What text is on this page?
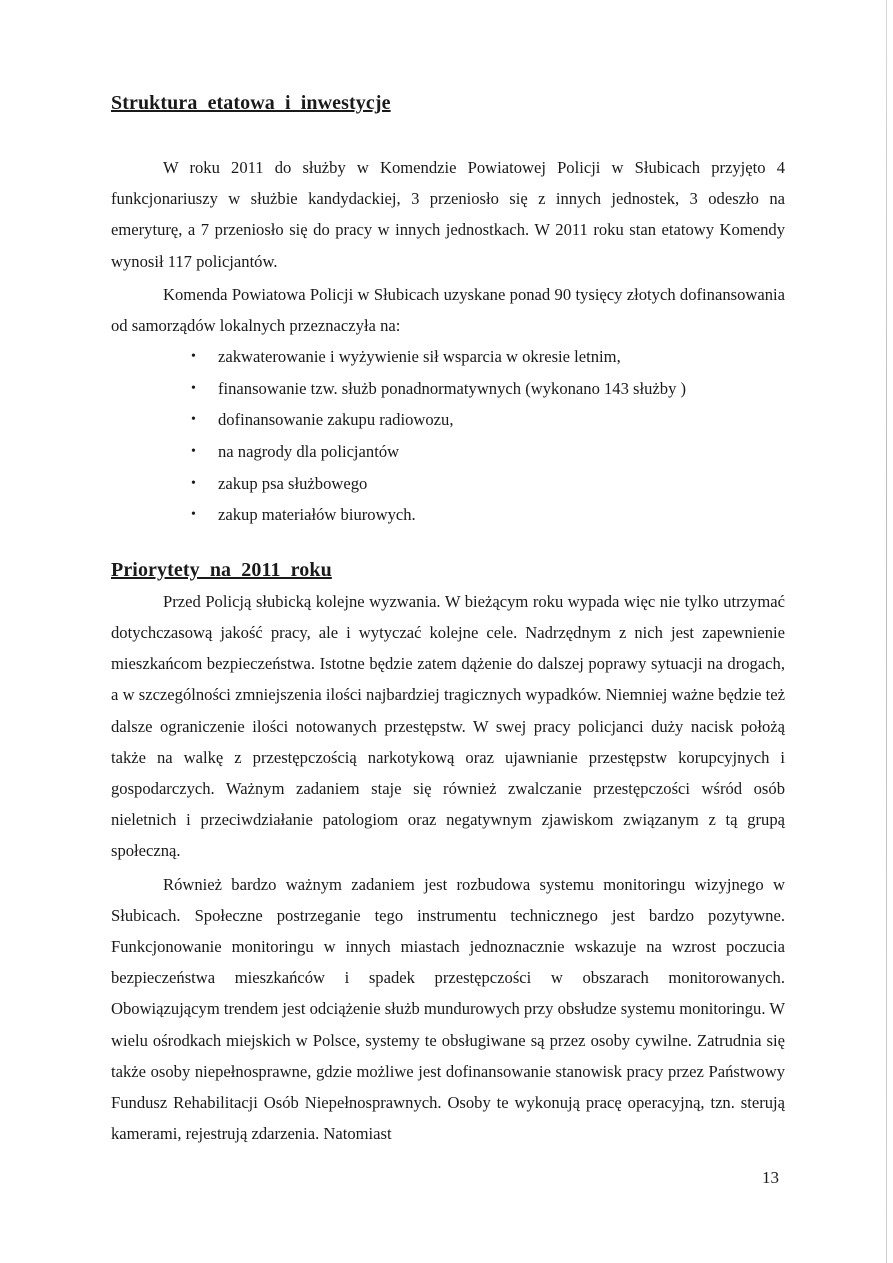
Struktura etatowa i inwestycje

W roku 2011 do służby w Komendzie Powiatowej Policji w Słubicach przyjęto 4 funkcjonariuszy w służbie kandydackiej, 3 przeniosło się z innych jednostek, 3 odeszło na emeryturę, a 7 przeniosło się do pracy w innych jednostkach. W 2011 roku stan etatowy Komendy wynosił 117 policjantów.

Komenda Powiatowa Policji w Słubicach uzyskane ponad 90 tysięcy złotych dofinansowania od samorządów lokalnych przeznaczyła na:

• zakwaterowanie i wyżywienie sił wsparcia w okresie letnim,
• finansowanie tzw. służb ponadnormatywnych (wykonano 143 służby )
• dofinansowanie zakupu radiowozu,
• na nagrody dla policjantów
• zakup psa służbowego
• zakup materiałów biurowych.
Priorytety na 2011 roku

Przed Policją słubicką kolejne wyzwania. W bieżącym roku wypada więc nie tylko utrzymać dotychczasową jakość pracy, ale i wytyczać kolejne cele. Nadrzędnym z nich jest zapewnienie mieszkańcom bezpieczeństwa. Istotne będzie zatem dążenie do dalszej poprawy sytuacji na drogach, a w szczególności zmniejszenia ilości najbardziej tragicznych wypadków. Niemniej ważne będzie też dalsze ograniczenie ilości notowanych przestępstw. W swej pracy policjanci duży nacisk położą także na walkę z przestępczością narkotykową oraz ujawnianie przestępstw korupcyjnych i gospodarczych. Ważnym zadaniem staje się również zwalczanie przestępczości wśród osób nieletnich i przeciwdziałanie patologiom oraz negatywnym zjawiskom związanym z tą grupą społeczną.

Również bardzo ważnym zadaniem jest rozbudowa systemu monitoringu wizyjnego w Słubicach. Społeczne postrzeganie tego instrumentu technicznego jest bardzo pozytywne. Funkcjonowanie monitoringu w innych miastach jednoznacznie wskazuje na wzrost poczucia bezpieczeństwa mieszkańców i spadek przestępczości w obszarach monitorowanych. Obowiązującym trendem jest odciążenie służb mundurowych przy obsłudze systemu monitoringu. W wielu ośrodkach miejskich w Polsce, systemy te obsługiwane są przez osoby cywilne. Zatrudnia się także osoby niepełnosprawne, gdzie możliwe jest dofinansowanie stanowisk pracy przez Państwowy Fundusz Rehabilitacji Osób Niepełnosprawnych. Osoby te wykonują pracę operacyjną, tzn. sterują kamerami, rejestrują zdarzenia. Natomiast

13
